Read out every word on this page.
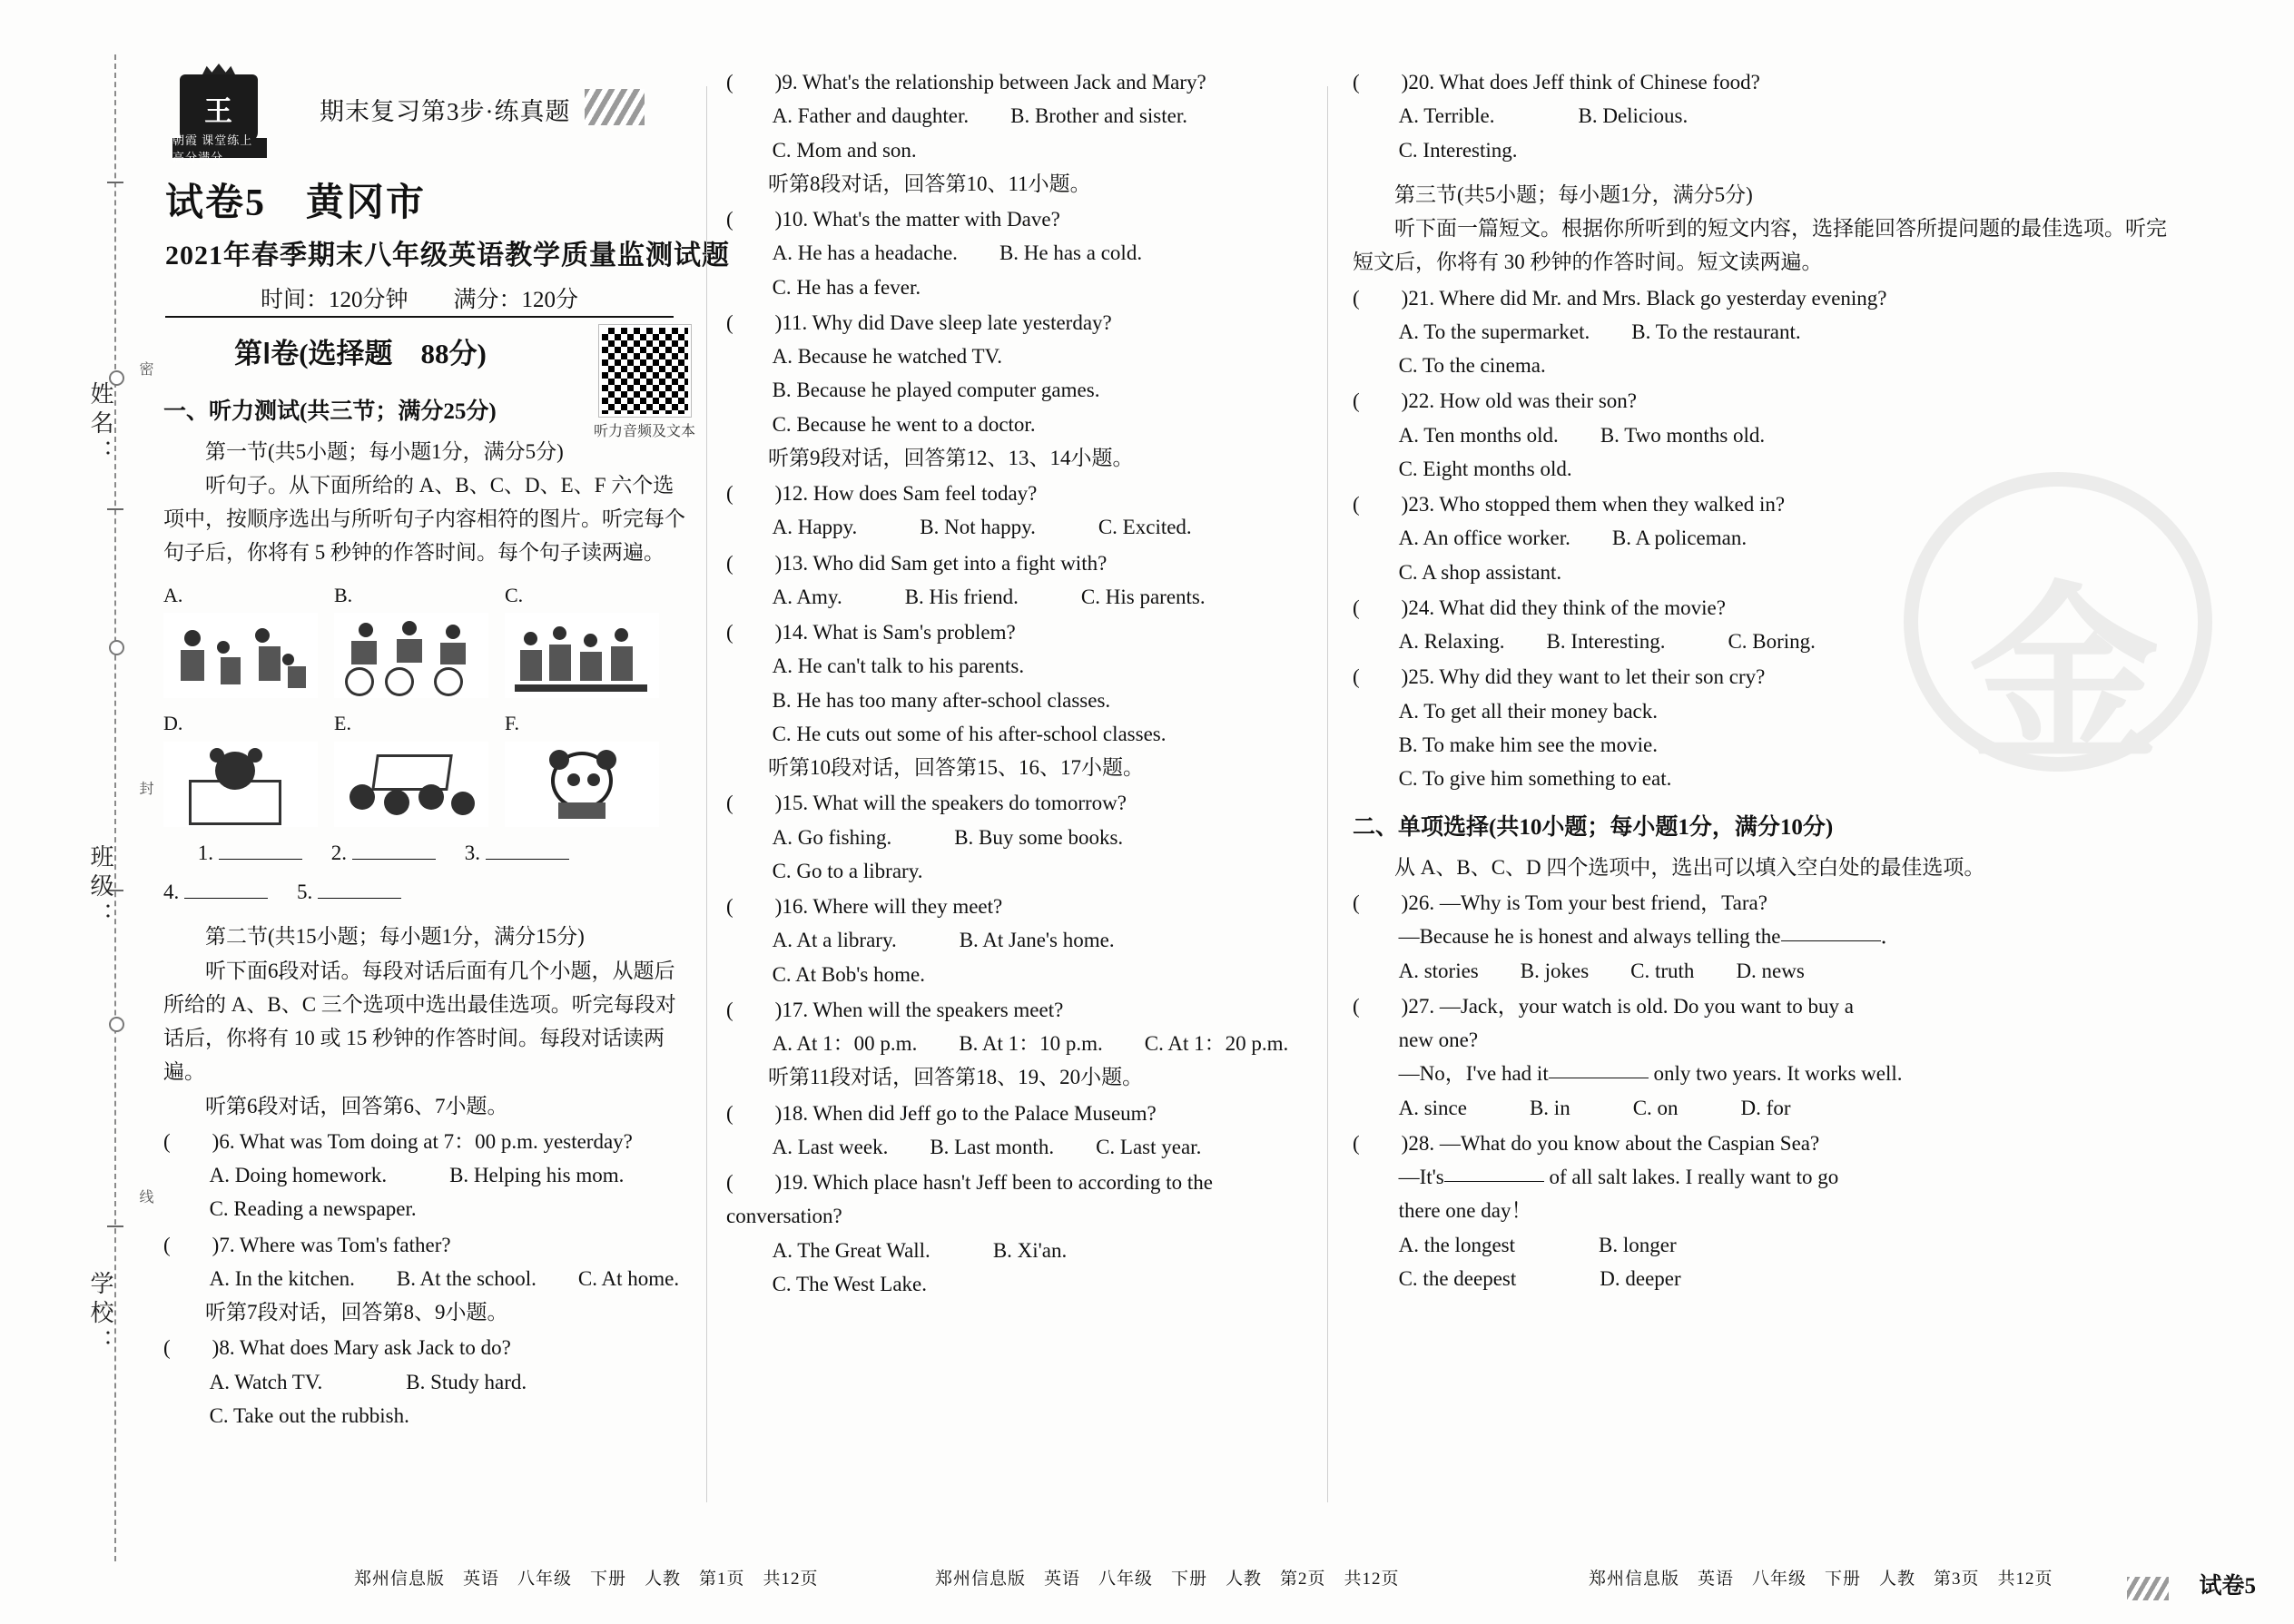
姓名：
班级：
学校：
密
封
线
王
朝霞 课堂练上 高分满分
期末复习第3步·练真题
试卷5　黄冈市
2021年春季期末八年级英语教学质量监测试题
时间：120分钟　　满分：120分
第Ⅰ卷(选择题　88分)
听力音频及文本
一、听力测试(共三节；满分25分)
第一节(共5小题；每小题1分，满分5分)
听句子。从下面所给的 A、B、C、D、E、F 六个选项中，按顺序选出与所听句子内容相符的图片。听完每个句子后，你将有 5 秒钟的作答时间。每个句子读两遍。
A.	B.	C.
D.	E.	F.
1.	2.	3.
4.	5.
第二节(共15小题；每小题1分，满分15分)
听下面6段对话。每段对话后面有几个小题，从题后所给的 A、B、C 三个选项中选出最佳选项。听完每段对话后，你将有 10 或 15 秒钟的作答时间。每段对话读两遍。
听第6段对话，回答第6、7小题。
(　　)6. What was Tom doing at 7：00 p.m. yesterday?
A. Doing homework.　　　	B. Helping his mom.
C. Reading a newspaper.
(　　)7. Where was Tom's father?
A. In the kitchen.　　 B. At the school.　　 C. At home.
听第7段对话，回答第8、9小题。
(　　)8. What does Mary ask Jack to do?
A. Watch TV.　　　　	B. Study hard.
C. Take out the rubbish.
(　　)9. What's the relationship between Jack and Mary?
A. Father and daughter.　　 B. Brother and sister.
C. Mom and son.
听第8段对话，回答第10、11小题。
(　　)10. What's the matter with Dave?
A. He has a headache.　　 B. He has a cold.
C. He has a fever.
(　　)11. Why did Dave sleep late yesterday?
A. Because he watched TV.
B. Because he played computer games.
C. Because he went to a doctor.
听第9段对话，回答第12、13、14小题。
(　　)12. How does Sam feel today?
A. Happy.　　　	B. Not happy.　　　	C. Excited.
(　　)13. Who did Sam get into a fight with?
A. Amy.　　　	B. His friend.　　　	C. His parents.
(　　)14. What is Sam's problem?
A. He can't talk to his parents.
B. He has too many after-school classes.
C. He cuts out some of his after-school classes.
听第10段对话，回答第15、16、17小题。
(　　)15. What will the speakers do tomorrow?
A. Go fishing.　　　	B. Buy some books.
C. Go to a library.
(　　)16. Where will they meet?
A. At a library.　　　	B. At Jane's home.
C. At Bob's home.
(　　)17. When will the speakers meet?
A. At 1：00 p.m.　　 B. At 1：10 p.m.　　 C. At 1：20 p.m.
听第11段对话，回答第18、19、20小题。
(　　)18. When did Jeff go to the Palace Museum?
A. Last week.　　 B. Last month.　　 C. Last year.
(　　)19. Which place hasn't Jeff been to according to the conversation?
A. The Great Wall.　　　	B. Xi'an.
C. The West Lake.
(　　)20. What does Jeff think of Chinese food?
A. Terrible.　　　　	B. Delicious.
C. Interesting.
第三节(共5小题；每小题1分，满分5分)
听下面一篇短文。根据你所听到的短文内容，选择能回答所提问题的最佳选项。听完短文后，你将有 30 秒钟的作答时间。短文读两遍。
(　　)21. Where did Mr. and Mrs. Black go yesterday evening?
A. To the supermarket.　　 B. To the restaurant.
C. To the cinema.
(　　)22. How old was their son?
A. Ten months old.　　 B. Two months old.
C. Eight months old.
(　　)23. Who stopped them when they walked in?
A. An office worker.　　 B. A policeman.
C. A shop assistant.
(　　)24. What did they think of the movie?
A. Relaxing.　　 B. Interesting.　　　	C. Boring.
(　　)25. Why did they want to let their son cry?
A. To get all their money back.
B. To make him see the movie.
C. To give him something to eat.
二、单项选择(共10小题；每小题1分，满分10分)
从 A、B、C、D 四个选项中，选出可以填入空白处的最佳选项。
(　　)26. —Why is Tom your best friend，Tara?
—Because he is honest and always telling the	．
A. stories　　 B. jokes　　 C. truth　　 D. news
(　　)27. —Jack，your watch is old. Do you want to buy a
new one?
—No，I've had it	only two years. It works well.
A. since　　　	B. in　　　	C. on　　　	D. for
(　　)28. —What do you know about the Caspian Sea?
—It's	of all salt lakes. I really want to go
there one day！
A. the longest　　　　	B. longer
C. the deepest　　　　	D. deeper
金
郑州信息版　英语　八年级　下册　人教　第1页　共12页	郑州信息版　英语　八年级　下册　人教　第2页　共12页	郑州信息版　英语　八年级　下册　人教　第3页　共12页	试卷5
